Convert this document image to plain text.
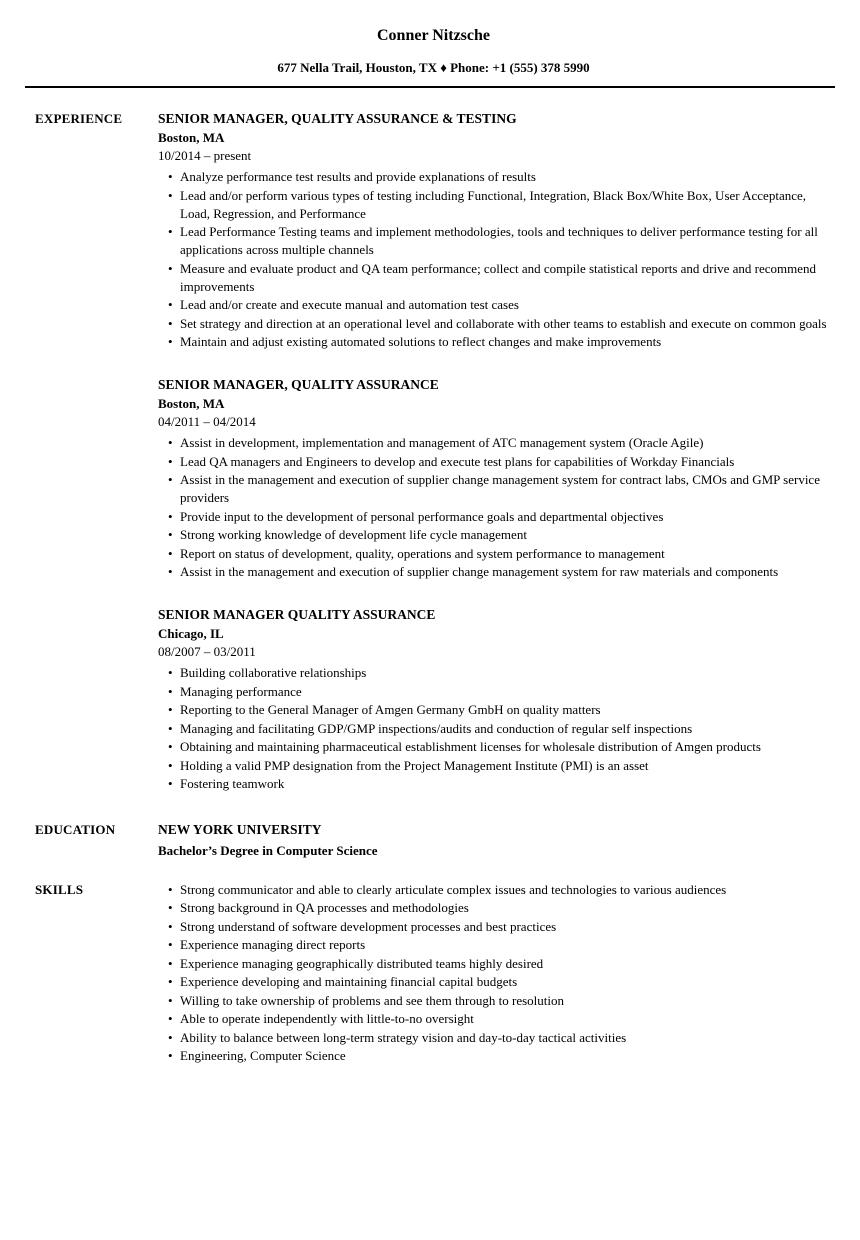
Conner Nitzsche
677 Nella Trail, Houston, TX ♦ Phone: +1 (555) 378 5990
EXPERIENCE	SENIOR MANAGER, QUALITY ASSURANCE & TESTING
Boston, MA
10/2014 – present
• Analyze performance test results and provide explanations of results
• Lead and/or perform various types of testing including Functional, Integration, Black Box/White Box, User Acceptance, Load, Regression, and Performance
• Lead Performance Testing teams and implement methodologies, tools and techniques to deliver performance testing for all applications across multiple channels
• Measure and evaluate product and QA team performance; collect and compile statistical reports and drive and recommend improvements
• Lead and/or create and execute manual and automation test cases
• Set strategy and direction at an operational level and collaborate with other teams to establish and execute on common goals
• Maintain and adjust existing automated solutions to reflect changes and make improvements
SENIOR MANAGER, QUALITY ASSURANCE
Boston, MA
04/2011 – 04/2014
• Assist in development, implementation and management of ATC management system (Oracle Agile)
• Lead QA managers and Engineers to develop and execute test plans for capabilities of Workday Financials
• Assist in the management and execution of supplier change management system for contract labs, CMOs and GMP service providers
• Provide input to the development of personal performance goals and departmental objectives
• Strong working knowledge of development life cycle management
• Report on status of development, quality, operations and system performance to management
• Assist in the management and execution of supplier change management system for raw materials and components
SENIOR MANAGER QUALITY ASSURANCE
Chicago, IL
08/2007 – 03/2011
• Building collaborative relationships
• Managing performance
• Reporting to the General Manager of Amgen Germany GmbH on quality matters
• Managing and facilitating GDP/GMP inspections/audits and conduction of regular self inspections
• Obtaining and maintaining pharmaceutical establishment licenses for wholesale distribution of Amgen products
• Holding a valid PMP designation from the Project Management Institute (PMI) is an asset
• Fostering teamwork
EDUCATION	NEW YORK UNIVERSITY
Bachelor’s Degree in Computer Science
SKILLS	• Strong communicator and able to clearly articulate complex issues and technologies to various audiences
• Strong background in QA processes and methodologies
• Strong understand of software development processes and best practices
• Experience managing direct reports
• Experience managing geographically distributed teams highly desired
• Experience developing and maintaining financial capital budgets
• Willing to take ownership of problems and see them through to resolution
• Able to operate independently with little-to-no oversight
• Ability to balance between long-term strategy vision and day-to-day tactical activities
• Engineering, Computer Science
